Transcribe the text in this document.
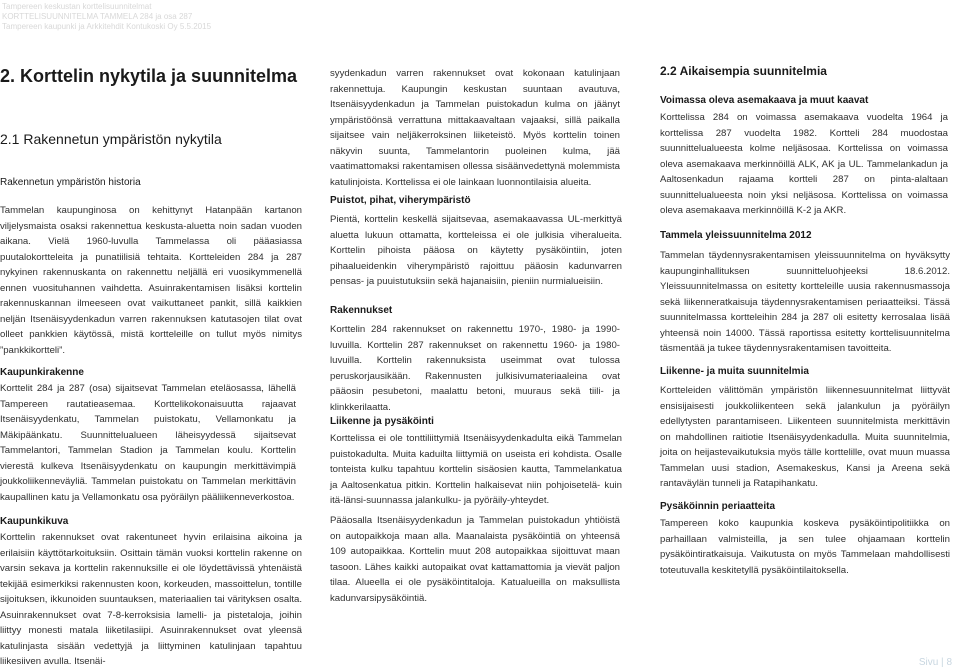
Tampereen keskustan korttelisuunnitelmat
KORTTELISUUNNITELMA TAMMELA 284 ja osa 287
Tampereen kaupunki ja Arkkitehdit Kontukoski Oy 5.5.2015
2. Korttelin nykytila ja suunnitelma
2.1 Rakennetun ympäristön nykytila
Rakennetun ympäristön historia

Tammelan kaupunginosa on kehittynyt Hatanpään kartanon viljelysmaista osaksi rakennettua keskusta-aluetta noin sadan vuoden aikana. Vielä 1960-luvulla Tammelassa oli pääasiassa puutalokortteleita ja punatiilisiä tehtaita. Kortteleiden 284 ja 287 nykyinen rakennuskanta on rakennettu neljällä eri vuosikymmenellä ennen vuosituhannen vaihdetta. Asuinrakentamisen lisäksi korttelin rakennuskannan ilmeeseen ovat vaikuttaneet pankit, sillä kaikkien neljän Itsenäisyydenkadun varren rakennuksen katutasojen tilat ovat olleet pankkien käytössä, mistä kortteleille on tullut myös nimitys ”pankkikortteli”.

Kaupunkirakenne

Korttelit 284 ja 287 (osa) sijaitsevat Tammelan eteläosassa, lähellä Tampereen rautatieasemaa. Korttelikokonaisuutta rajaavat Itsenäisyydenkatu, Tammelan puistokatu, Vellamonkatu ja Mäkipäänkatu. Suunnittelualueen läheisyydessä sijaitsevat Tammelantori, Tammelan Stadion ja Tammelan koulu. Korttelin vierestä kulkeva Itsenäisyydenkatu on kaupungin merkittävimpiä joukkoliikenneväyliä. Tammelan puistokatu on Tammelan merkittävin kaupallinen katu ja Vellamonkatu osa pyöräilyn pääliikenneverkostoa.

Kaupunkikuva

Korttelin rakennukset ovat rakentuneet hyvin erilaisina aikoina ja erilaisiin käyttötarkoituksiin. Osittain tämän vuoksi korttelin rakenne on varsin sekava ja korttelin rakennuksille ei ole löydettävissä yhtenäistä tekijää esimerkiksi rakennusten koon, korkeuden, massoittelun, tontille sijoituksen, ikkunoiden suuntauksen, materiaalien tai värityksen osalta. Asuinrakennukset ovat 7-8-kerroksisia lamelli- ja pistetaloja, joihin liittyy monesti matala liiketilasiipi. Asuinrakennukset ovat yleensä katulinjasta sisään vedettyjä ja liittyminen katulinjaan tapahtuu liikesiiven avulla. Itsenäi-

syydenkadun varren rakennukset ovat kokonaan katulinjaan rakennettuja. Kaupungin keskustan suuntaan avautuva, Itsenäisyydenkadun ja Tammelan puistokadun kulma on jäänyt ympäristöönsä verrattuna mittakaavaltaan vajaaksi, sillä paikalla sijaitsee vain neljäkerroksinen liiketeistö. Myös korttelin toinen näkyvin suunta, Tammelantorin puoleinen kulma, jää vaatimattomaksi rakentamisen ollessa sisäänvedettynä molemmista katulinjoista. Korttelissa ei ole lainkaan luonnontilaisia alueita.

Puistot, pihat, viherympäristö

Pientä, korttelin keskellä sijaitsevaa, asemakaavassa UL-merkittyä aluetta lukuun ottamatta, kortteleissa ei ole julkisia viheralueita. Korttelin pihoista pääosa on käytetty pysäköintiin, joten pihaalueidenkin viherympäristö rajoittuu pääosin kadunvarren pensas- ja puuistutuksiin sekä hajanaisiin, pieniin nurmialueisiin.

Rakennukset

Korttelin 284 rakennukset on rakennettu 1970-, 1980- ja 1990-luvuilla. Korttelin 287 rakennukset on rakennettu 1960- ja 1980-luvuilla. Korttelin rakennuksista useimmat ovat tulossa peruskorjausikään. Rakennusten julkisivumateriaaleina ovat pääosin pesubetoni, maalattu betoni, muuraus sekä tiili- ja klinkkerilaatta.

Liikenne ja pysäköinti

Korttelissa ei ole tonttiliittymiä Itsenäisyydenkadulta eikä Tammelan puistokadulta. Muita kaduilta liittymiä on useista eri kohdista. Osalle tonteista kulku tapahtuu korttelin sisäosien kautta, Tammelankatua ja Aaltosenkatua pitkin. Korttelin halkaisevat niin pohjoisetelä- kuin itä-länsi-suunnassa jalankulku- ja pyöräily-yhteydet.

Pääosalla Itsenäisyydenkadun ja Tammelan puistokadun yhtiöistä on autopaikkoja maan alla. Maanalaista pysäköintiä on yhteensä 109 autopaikkaa. Korttelin muut 208 autopaikkaa sijoittuvat maan tasoon. Lähes kaikki autopaikat ovat kattamattomia ja vievät paljon tilaa. Alueella ei ole pysäköintitaloja. Katualueilla on maksullista kadunvarsipysäköintiä.

2.2 Aikaisempia suunnitelmia
Voimassa oleva asemakaava ja muut kaavat

Korttelissa 284 on voimassa asemakaava vuodelta 1964 ja korttelissa 287 vuodelta 1982. Kortteli 284 muodostaa suunnittelualueesta kolme neljäsosaa. Korttelissa on voimassa oleva asemakaava merkinnöillä ALK, AK ja UL. Tammelankadun ja Aaltosenkadun rajaama kortteli 287 on pinta-alaltaan suunnittelualueesta noin yksi neljäsosa. Korttelissa on voimassa oleva asemakaava merkinnöillä K-2 ja AKR.

Tammela yleissuunnitelma 2012

Tammelan täydennysrakentamisen yleissuunnitelma on hyväksytty kaupunginhallituksen suunnitteluohjeeksi 18.6.2012. Yleissuunnitelmassa on esitetty kortteleille uusia rakennusmassoja sekä liikenneratkaisuja täydennysrakentamisen periaatteiksi. Tässä suunnitelmassa kortteleihin 284 ja 287 oli esitetty kerrosalaa lisää yhteensä noin 14000. Tässä raportissa esitetty korttelisuunnitelma täsmentää ja tukee täydennysrakentamisen tavoitteita.

Liikenne- ja muita suunnitelmia

Kortteleiden välittömän ympäristön liikennesuunnitelmat liittyvät ensisijaisesti joukkoliikenteen sekä jalankulun ja pyöräilyn edellytysten parantamiseen. Liikenteen suunnitelmista merkittävin on mahdollinen raitiotie Itsenäisyydenkadulla. Muita suunnitelmia, joita on heijastevaikutuksia myös tälle korttelille, ovat muun muassa Tammelan uusi stadion, Asemakeskus, Kansi ja Areena sekä rantaväylän tunneli ja Ratapihankatu.

Pysäköinnin periaatteita

Tampereen koko kaupunkia koskeva pysäköintipolitiikka on parhaillaan valmisteilla, ja sen tulee ohjaamaan korttelin pysäköintiratkaisuja. Vaikutusta on myös Tammelaan mahdollisesti toteutuvalla keskitetyllä pysäköintilaitoksella.

Sivu | 8
